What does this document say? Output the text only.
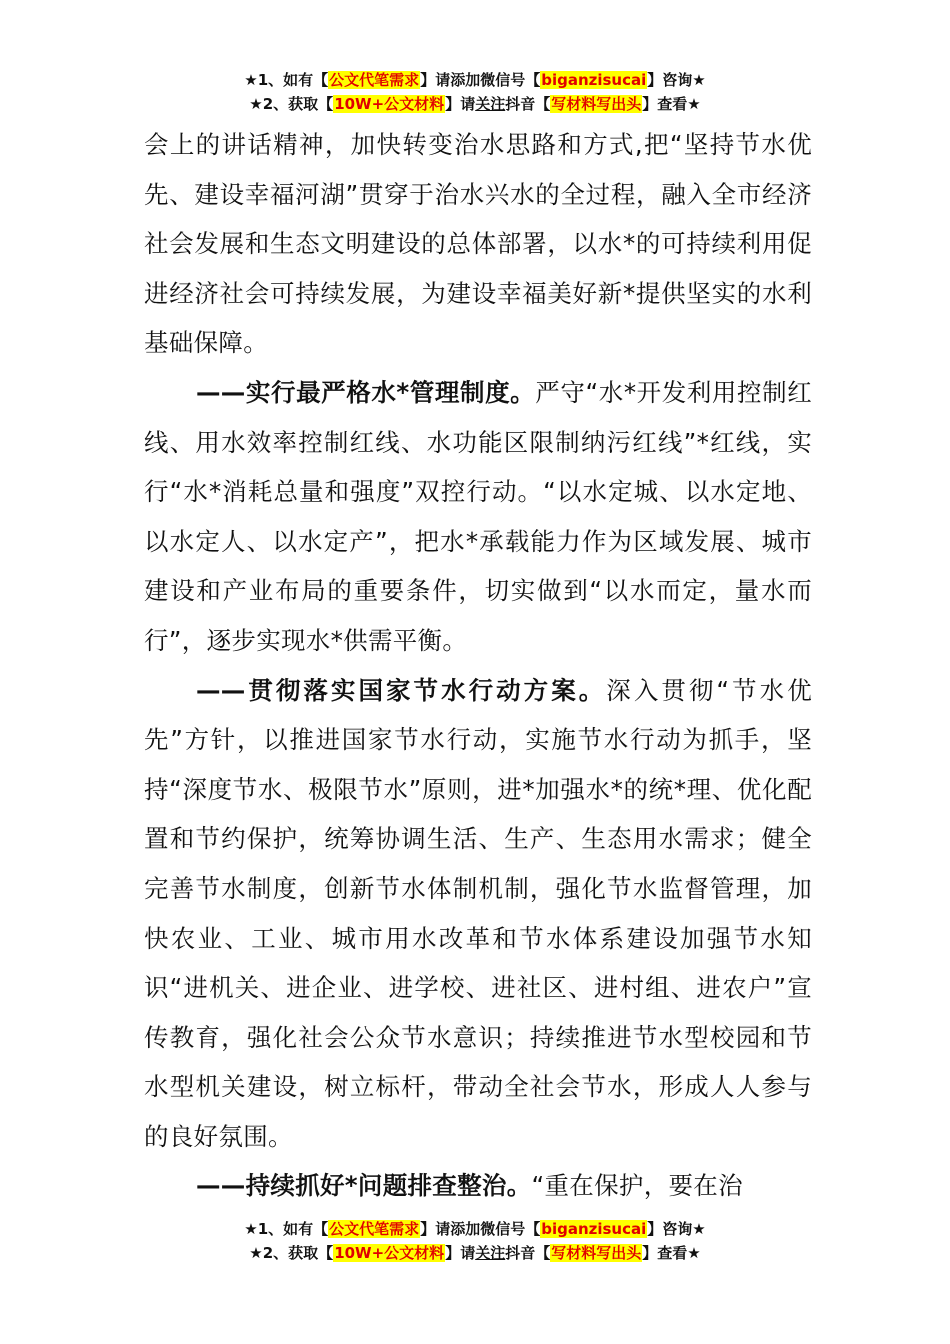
★1、如有【公文代笔需求】请添加微信号【biganzisucai】咨询★
★2、获取【10W+公文材料】请关注抖音【写材料写出头】查看★

会上的讲话精神，加快转变治水思路和方式,把“坚持节水优先、建设幸福河湖”贯穿于治水兴水的全过程，融入全市经济社会发展和生态文明建设的总体部署，以水*的可持续利用促进经济社会可持续发展，为建设幸福美好新*提供坚实的水利基础保障。

——实行最严格水*管理制度。严守“水*开发利用控制红线、用水效率控制红线、水功能区限制纳污红线”*红线，实行“水*消耗总量和强度”双控行动。“以水定城、以水定地、以水定人、以水定产”，把水*承载能力作为区域发展、城市建设和产业布局的重要条件，切实做到“以水而定，量水而行”，逐步实现水*供需平衡。

——贯彻落实国家节水行动方案。深入贯彻“节水优先”方针，以推进国家节水行动，实施节水行动为抓手，坚持“深度节水、极限节水”原则，进*加强水*的统*理、优化配置和节约保护，统筹协调生活、生产、生态用水需求；健全完善节水制度，创新节水体制机制，强化节水监督管理，加快农业、工业、城市用水改革和节水体系建设加强节水知识“进机关、进企业、进学校、进社区、进村组、进农户”宣传教育，强化社会公众节水意识；持续推进节水型校园和节水型机关建设，树立标杆，带动全社会节水，形成人人参与的良好氛围。

——持续抓好*问题排查整治。“重在保护，要在治

★1、如有【公文代笔需求】请添加微信号【biganzisucai】咨询★
★2、获取【10W+公文材料】请关注抖音【写材料写出头】查看★
